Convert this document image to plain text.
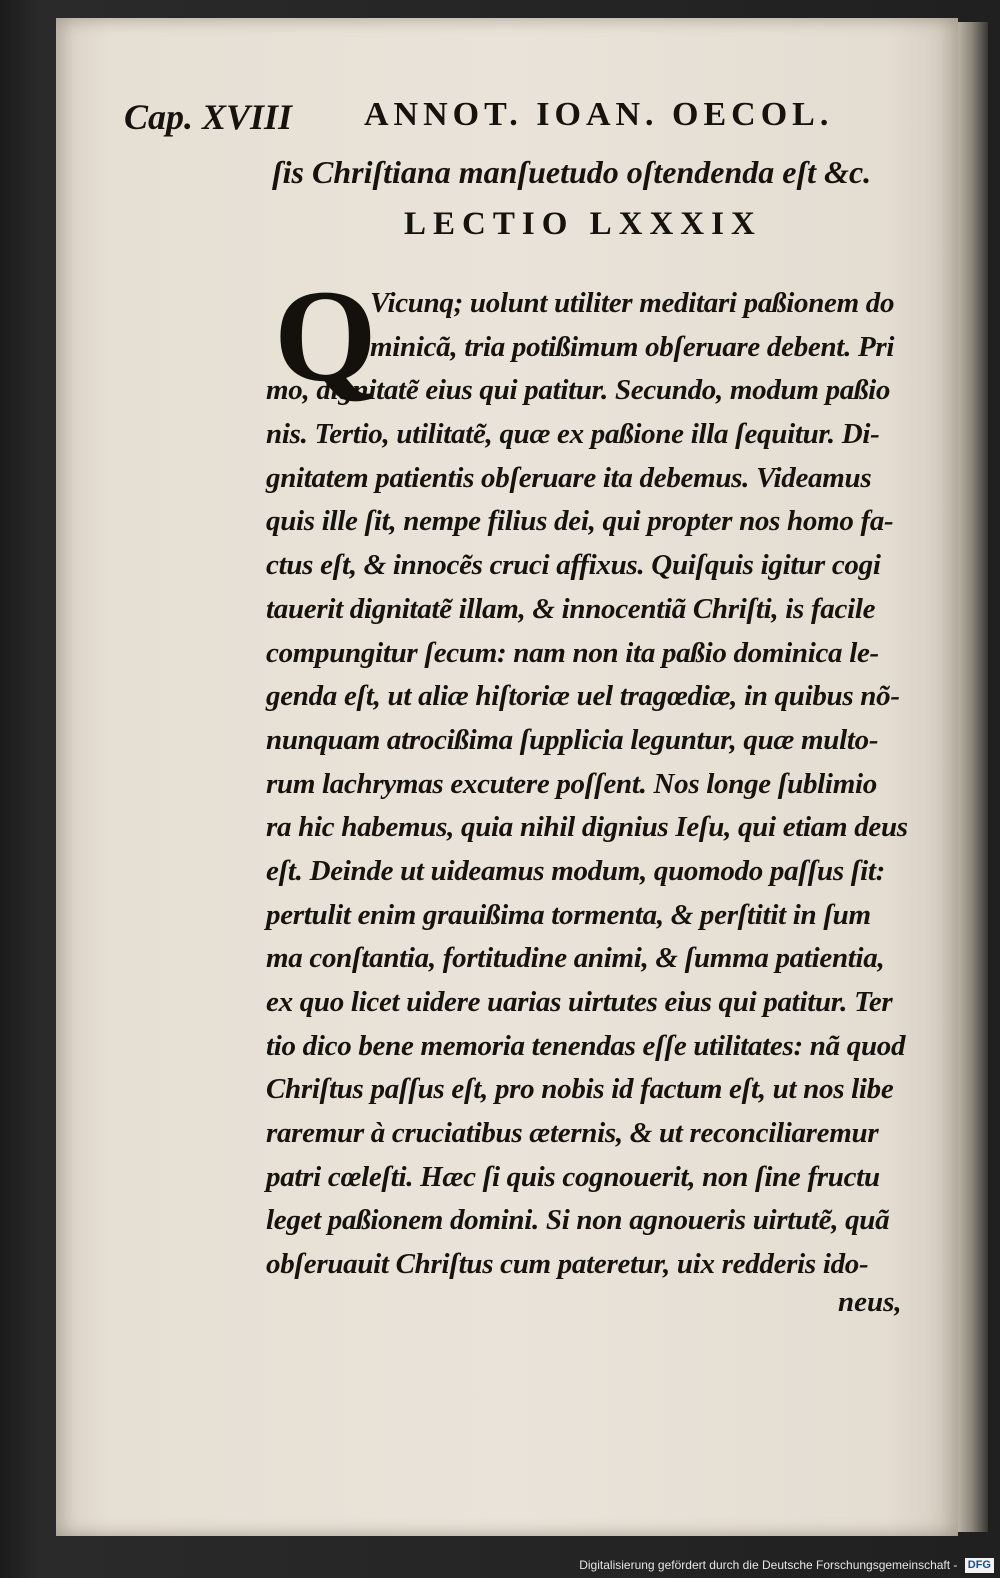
Cap. XVIII ANNOT. IOAN. OECOL.
ſis Chriſtiana manſuetudo oſtendenda eſt &c.
LECTIO LXXXIX
Q
Vicunq; uolunt utiliter meditari paßionem do
minicã, tria potißimum obſeruare debent. Pri
mo, dignitatẽ eius qui patitur. Secundo, modum paßio
nis. Tertio, utilitatẽ, quæ ex paßione illa ſequitur. Di-
gnitatem patientis obſeruare ita debemus. Videamus
quis ille ſit, nempe filius dei, qui propter nos homo fa-
ctus eſt, & innocẽs cruci affixus. Quiſquis igitur cogi
tauerit dignitatẽ illam, & innocentiã Chriſti, is facile
compungitur ſecum: nam non ita paßio dominica le-
genda eſt, ut aliæ hiſtoriæ uel tragœdiæ, in quibus nõ-
nunquam atrocißima ſupplicia leguntur, quæ multo-
rum lachrymas excutere poſſent. Nos longe ſublimio
ra hic habemus, quia nihil dignius Ieſu, qui etiam deus
eſt. Deinde ut uideamus modum, quomodo paſſus ſit:
pertulit enim grauißima tormenta, & perſtitit in ſum
ma conſtantia, fortitudine animi, & ſumma patientia,
ex quo licet uidere uarias uirtutes eius qui patitur. Ter
tio dico bene memoria tenendas eſſe utilitates: nã quod
Chriſtus paſſus eſt, pro nobis id factum eſt, ut nos libe
raremur à cruciatibus æternis, & ut reconciliaremur
patri cœleſti. Hæc ſi quis cognouerit, non ſine fructu
leget paßionem domini. Si non agnoueris uirtutẽ, quã
obſeruauit Chriſtus cum pateretur, uix redderis ido-
neus,
Digitalisierung gefördert durch die Deutsche Forschungsgemeinschaft - DFG
